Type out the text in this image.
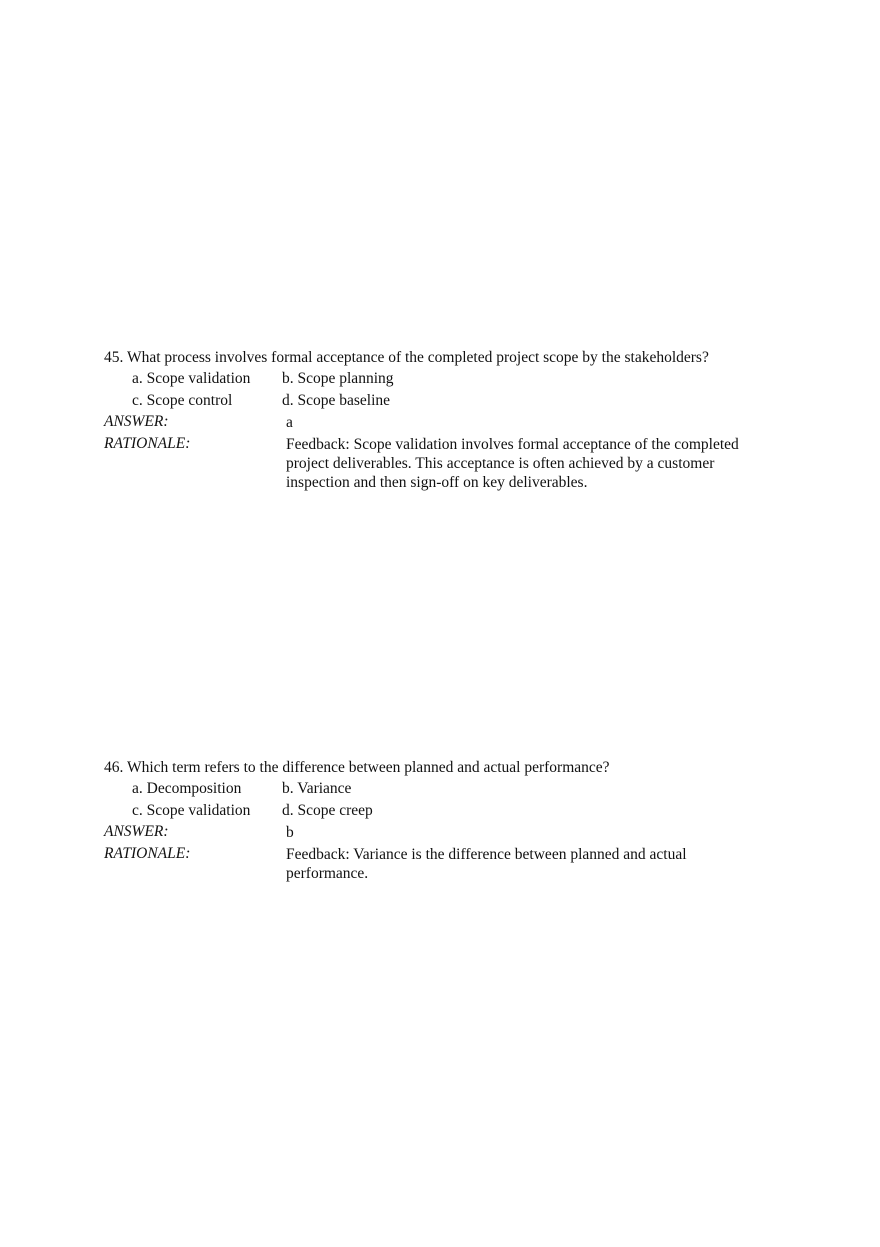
45. What process involves formal acceptance of the completed project scope by the stakeholders?
a. Scope validation b. Scope planning
c. Scope control	d. Scope baseline
ANSWER:	a
RATIONALE:	Feedback: Scope validation involves formal acceptance of the completed project deliverables. This acceptance is often achieved by a customer inspection and then sign-off on key deliverables.
46. Which term refers to the difference between planned and actual performance?
a. Decomposition	b. Variance
c. Scope validation d. Scope creep
ANSWER:	b
RATIONALE:	Feedback: Variance is the difference between planned and actual performance.
